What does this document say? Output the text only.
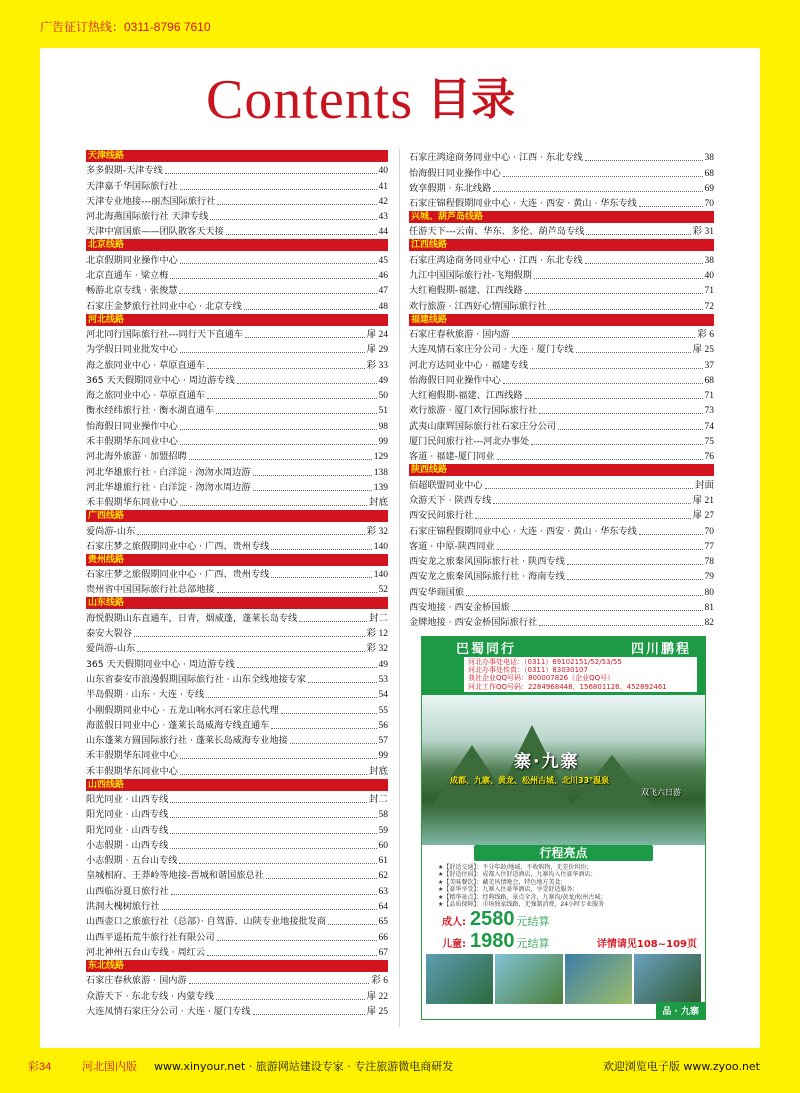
广告征订热线：0311-8796 7610
Contents 目录
天津线路
多多假期-天津专线	40
天津嘉千华国际旅行社	41
天津专业地接---丽杰国际旅行社	42
河北海燕国际旅行社 天津专线	43
天津中富国旅——团队散客天天接	44
北京线路
北京假期同业操作中心	45
北京直通车 · 梁立梅	46
畅游北京专线 · 张俊慧	47
石家庄金梦旅行社同业中心 · 北京专线	48
河北线路
河北同行国际旅行社---同行天下直通车	扉 24
为学假日同业批发中心	扉 29
海之旅同业中心 · 草原直通车	彩 33
365 天天假期同业中心 · 周边游专线	49
海之旅同业中心 · 草原直通车	50
衡水经纬旅行社 · 衡水湖直通车	51
怡海假日同业操作中心	98
禾丰假期华东同业中心	99
河北海外旅游 · 加盟招聘	129
河北华雄旅行社 · 白洋淀 · 沕沕水周边游	138
河北华雄旅行社 · 白洋淀 · 沕沕水周边游	139
禾丰假期华东同业中心	封底
广西线路
爱尚游-山东	彩 32
石家庄梦之旅假期同业中心 · 广西、贵州专线	140
贵州线路
石家庄梦之旅假期同业中心 · 广西、贵州专线	140
贵州省中国国际旅行社总部地接	52
山东线路
海悦假期山东直通车，日青，烟威蓬，蓬莱长岛专线	封二
泰安大裂谷	彩 12
爱尚游-山东	彩 32
365 天天假期同业中心 · 周边游专线	49
山东省泰安市浪漫假期国际旅行社 · 山东全线地接专家	53
半岛假期 · 山东 · 大连 · 专线	54
小刚假期同业中心 · 五龙山响水河石家庄总代理	55
海蓝假日同业中心 · 蓬莱长岛威海专线直通车	56
山东蓬莱方圆国际旅行社 · 蓬莱长岛威海专业地接	57
禾丰假期华东同业中心	99
禾丰假期华东同业中心	封底
山西线路
阳光同业 · 山西专线	封二
阳光同业 · 山西专线	58
阳光同业 · 山西专线	59
小志假期 · 山西专线	60
小志假期 · 五台山专线	61
皇城相府、王莽岭等地接-晋城和谐国旅总社	62
山西临汾夏日旅行社	63
洪洞大槐树旅行社	64
山西壶口之旅旅行社（总部）· 自驾游、山陕专业地接批发商	65
山西平遥拓荒牛旅行社有限公司	66
河北神州五台山专线 · 周红云	67
东北线路
石家庄春秋旅游 · 国内游	彩 6
众游天下 · 东北专线 · 内蒙专线	扉 22
大连凤情石家庄分公司 · 大连 · 厦门专线	扉 25
石家庄鸿途商务同业中心 · 江西 · 东北专线	38
怡海假日同业操作中心	68
致享假期 · 东北线路	69
石家庄锦程假期同业中心 · 大连 · 西安 · 黄山 · 华东专线	70
兴城、葫芦岛线路
任游天下---云南、华东、多伦、葫芦岛专线	彩 31
江西线路
石家庄鸿途商务同业中心 · 江西 · 东北专线	38
九江中国国际旅行社-飞翔假期	40
大红袍假期-福建、江西线路	71
欢行旅游 · 江西好心情国际旅行社	72
福建线路
石家庄春秋旅游 · 国内游	彩 6
大连凤情石家庄分公司 · 大连 · 厦门专线	扉 25
河北方达同业中心 · 福建专线	37
怡海假日同业操作中心	68
大红袍假期-福建、江西线路	71
欢行旅游 · 厦门欢行国际旅行社	73
武夷山康辉国际旅行社石家庄分公司	74
厦门民间旅行社---河北办事处	75
客道 · 福建-厦门同业	76
陕西线路
佰超联盟同业中心	封面
众游天下 · 陕西专线	扉 21
西安民间旅行社	扉 27
石家庄锦程假期同业中心 · 大连 · 西安 · 黄山 · 华东专线	70
客道 · 中原-陕西同业	77
西安龙之旅秦风国际旅行社 · 陕西专线	78
西安龙之旅秦风国际旅行社 · 海南专线	79
西安华商国旅	80
西安地接 · 西安金桥国旅	81
金牌地接 · 西安金桥国际旅行社	82
巴蜀同行	四川鹏程
河北办事处电话：（0311）69102151/52/53/55
河北办事处传真：（0311）83030107
我社企业QQ号码：800007826（企业QQ号）
河北工作QQ号码：2284968448、156801126、452892461
寨·九寨
成都、九寨、黄龙、松州古城、北川33°温泉
双飞六日游
行程亮点
★【舒适交通】：不分年龄/地域，不收购物，无差价纠纷；
★【舒适住宿】：成都入住舒适酒店，九寨沟入住豪华酒店；
★【美味餐饮】：藏羌风情晚会，特色地方美食；
★【豪华享受】：九寨入住豪华酒店，享受舒适服务；
★【精华景点】：经典线路，景点全含，九寨沟/黄龙/松州古城；
★【品质保障】：市场独家线路，无强制消费，24小时专业服务
成人: 2580 元结算
儿童: 1980 元结算	详情请见108~109页
品 · 九寨
彩34	河北国内版 www.xinyour.net · 旅游网站建设专家 · 专注旅游微电商研发	欢迎浏览电子版 www.zyoo.net
